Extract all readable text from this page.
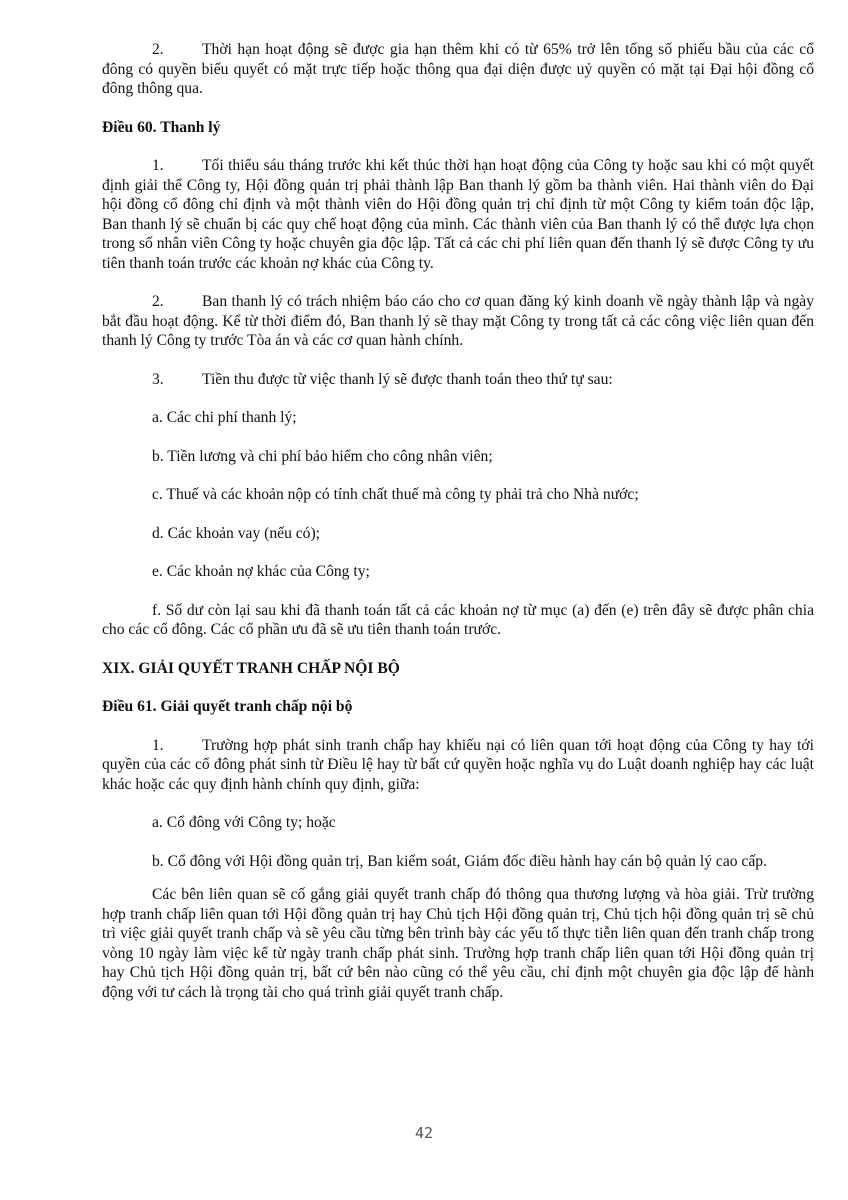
2. Thời hạn hoạt động sẽ được gia hạn thêm khi có từ 65% trở lên tổng số phiếu bầu của các cổ đông có quyền biểu quyết có mặt trực tiếp hoặc thông qua đại diện được uỷ quyền có mặt tại Đại hội đồng cổ đông thông qua.

Điều 60. Thanh lý

1. Tối thiểu sáu tháng trước khi kết thúc thời hạn hoạt động của Công ty hoặc sau khi có một quyết định giải thể Công ty, Hội đồng quản trị phải thành lập Ban thanh lý gồm ba thành viên. Hai thành viên do Đại hội đồng cổ đông chỉ định và một thành viên do Hội đồng quản trị chỉ định từ một Công ty kiểm toán độc lập, Ban thanh lý sẽ chuẩn bị các quy chế hoạt động của mình. Các thành viên của Ban thanh lý có thể được lựa chọn trong số nhân viên Công ty hoặc chuyên gia độc lập. Tất cả các chi phí liên quan đến thanh lý sẽ được Công ty ưu tiên thanh toán trước các khoản nợ khác của Công ty.

2. Ban thanh lý có trách nhiệm báo cáo cho cơ quan đăng ký kinh doanh về ngày thành lập và ngày bắt đầu hoạt động. Kể từ thời điểm đó, Ban thanh lý sẽ thay mặt Công ty trong tất cả các công việc liên quan đến thanh lý Công ty trước Tòa án và các cơ quan hành chính.

3. Tiền thu được từ việc thanh lý sẽ được thanh toán theo thứ tự sau:

a. Các chi phí thanh lý;

b. Tiền lương và chi phí bảo hiểm cho công nhân viên;

c. Thuế và các khoản nộp có tính chất thuế mà công ty phải trả cho Nhà nước;

d. Các khoản vay (nếu có);

e. Các khoản nợ khác của Công ty;

f. Số dư còn lại sau khi đã thanh toán tất cả các khoản nợ từ mục (a) đến (e) trên đây sẽ được phân chia cho các cổ đông. Các cổ phần ưu đã sẽ ưu tiên thanh toán trước.

XIX. GIẢI QUYẾT TRANH CHẤP NỘI BỘ

Điều 61. Giải quyết tranh chấp nội bộ

1. Trường hợp phát sinh tranh chấp hay khiếu nại có liên quan tới hoạt động của Công ty hay tới quyền của các cổ đông phát sinh từ Điều lệ hay từ bất cứ quyền hoặc nghĩa vụ do Luật doanh nghiệp hay các luật khác hoặc các quy định hành chính quy định, giữa:

a. Cổ đông với Công ty; hoặc

b. Cổ đông với Hội đồng quản trị, Ban kiểm soát, Giám đốc điều hành hay cán bộ quản lý cao cấp.

Các bên liên quan sẽ cố gắng giải quyết tranh chấp đó thông qua thương lượng và hòa giải. Trừ trường hợp tranh chấp liên quan tới Hội đồng quản trị hay Chủ tịch Hội đồng quản trị, Chủ tịch hội đồng quản trị sẽ chủ trì việc giải quyết tranh chấp và sẽ yêu cầu từng bên trình bày các yếu tố thực tiễn liên quan đến tranh chấp trong vòng 10 ngày làm việc kể từ ngày tranh chấp phát sinh. Trường hợp tranh chấp liên quan tới Hội đồng quản trị hay Chủ tịch Hội đồng quản trị, bất cứ bên nào cũng có thể yêu cầu, chỉ định một chuyên gia độc lập để hành động với tư cách là trọng tài cho quá trình giải quyết tranh chấp.

42
